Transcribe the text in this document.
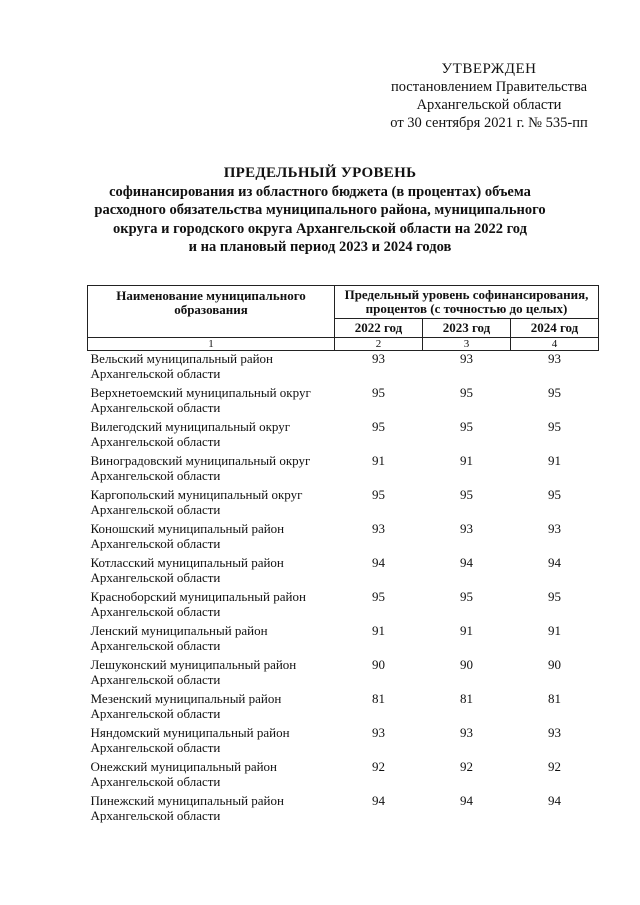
УТВЕРЖДЕН
постановлением Правительства
Архангельской области
от 30 сентября 2021 г. № 535-пп
ПРЕДЕЛЬНЫЙ УРОВЕНЬ
софинансирования из областного бюджета (в процентах) объема
расходного обязательства муниципального района, муниципального
округа и городского округа Архангельской области на 2022 год
и на плановый период 2023 и 2024 годов
Наименование муниципального образования	Предельный уровень софинансирования, процентов (с точностью до целых)		
	2022 год	2023 год	2024 год
1	2	3	4

Вельский муниципальный район
Архангельской области	93	93	93

Верхнетоемский муниципальный округ
Архангельской области	95	95	95

Вилегодский муниципальный округ
Архангельской области	95	95	95

Виноградовский муниципальный округ
Архангельской области	91	91	91

Каргопольский муниципальный округ
Архангельской области	95	95	95

Коношский муниципальный район
Архангельской области	93	93	93

Котласский муниципальный район
Архангельской области	94	94	94

Красноборский муниципальный район
Архангельской области	95	95	95

Ленский муниципальный район
Архангельской области	91	91	91

Лешуконский муниципальный район
Архангельской области	90	90	90

Мезенский муниципальный район
Архангельской области	81	81	81

Няндомский муниципальный район
Архангельской области	93	93	93

Онежский муниципальный район
Архангельской области	92	92	92

Пинежский муниципальный район
Архангельской области	94	94	94
